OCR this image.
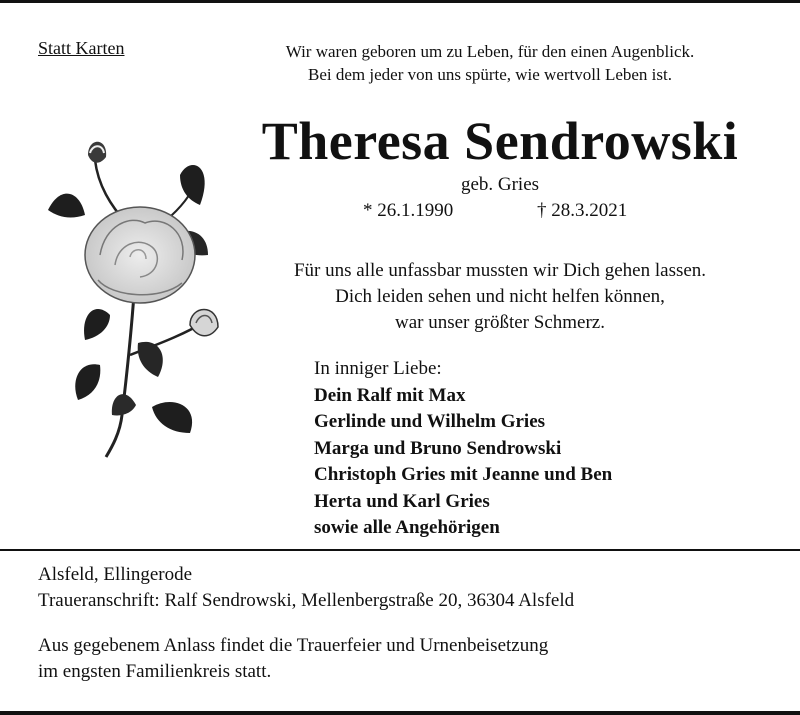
Statt Karten	Wir waren geboren um zu Leben, für den einen Augenblick.
Bei dem jeder von uns spürte, wie wertvoll Leben ist.
Theresa Sendrowski
geb. Gries
* 26.1.1990	† 28.3.2021
Für uns alle unfassbar mussten wir Dich gehen lassen.
Dich leiden sehen und nicht helfen können,
war unser größter Schmerz.
In inniger Liebe:
Dein Ralf mit Max
Gerlinde und Wilhelm Gries
Marga und Bruno Sendrowski
Christoph Gries mit Jeanne und Ben
Herta und Karl Gries
sowie alle Angehörigen
Alsfeld, Ellingerode
Traueranschrift: Ralf Sendrowski, Mellenbergstraße 20, 36304 Alsfeld
Aus gegebenem Anlass findet die Trauerfeier und Urnenbeisetzung
im engsten Familienkreis statt.
